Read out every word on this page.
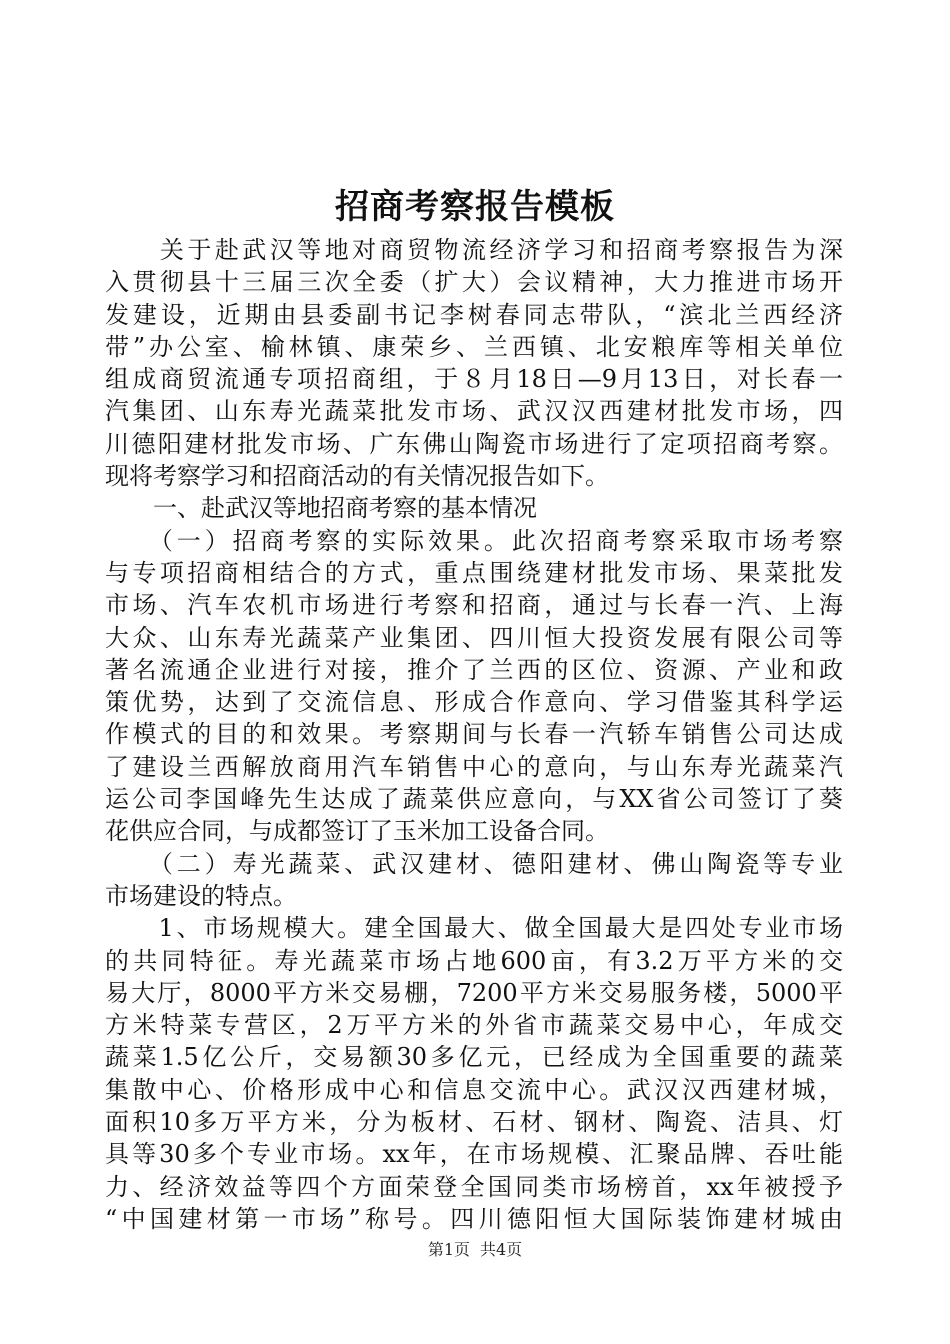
招商考察报告模板
　　关于赴武汉等地对商贸物流经济学习和招商考察报告为深
入贯彻县十三届三次全委（扩大）会议精神，大力推进市场开
发建设，近期由县委副书记李树春同志带队，“滨北兰西经济
带”办公室、榆林镇、康荣乡、兰西镇、北安粮库等相关单位
组成商贸流通专项招商组，于８月18日—9月13日，对长春一
汽集团、山东寿光蔬菜批发市场、武汉汉西建材批发市场，四
川德阳建材批发市场、广东佛山陶瓷市场进行了定项招商考察。
现将考察学习和招商活动的有关情况报告如下。
　　一、赴武汉等地招商考察的基本情况
　　（一）招商考察的实际效果。此次招商考察采取市场考察
与专项招商相结合的方式，重点围绕建材批发市场、果菜批发
市场、汽车农机市场进行考察和招商，通过与长春一汽、上海
大众、山东寿光蔬菜产业集团、四川恒大投资发展有限公司等
著名流通企业进行对接，推介了兰西的区位、资源、产业和政
策优势，达到了交流信息、形成合作意向、学习借鉴其科学运
作模式的目的和效果。考察期间与长春一汽轿车销售公司达成
了建设兰西解放商用汽车销售中心的意向，与山东寿光蔬菜汽
运公司李国峰先生达成了蔬菜供应意向，与XX省公司签订了葵
花供应合同，与成都签订了玉米加工设备合同。
　　（二）寿光蔬菜、武汉建材、德阳建材、佛山陶瓷等专业
市场建设的特点。
　　1、市场规模大。建全国最大、做全国最大是四处专业市场
的共同特征。寿光蔬菜市场占地600亩，有3.2万平方米的交
易大厅，8000平方米交易棚，7200平方米交易服务楼，5000平
方米特菜专营区，2万平方米的外省市蔬菜交易中心，年成交
蔬菜1.5亿公斤，交易额30多亿元，已经成为全国重要的蔬菜
集散中心、价格形成中心和信息交流中心。武汉汉西建材城，
面积10多万平方米，分为板材、石材、钢材、陶瓷、洁具、灯
具等30多个专业市场。xx年，在市场规模、汇聚品牌、吞吐能
力、经济效益等四个方面荣登全国同类市场榜首，xx年被授予
“中国建材第一市场”称号。四川德阳恒大国际装饰建材城由
第1页 共4页
